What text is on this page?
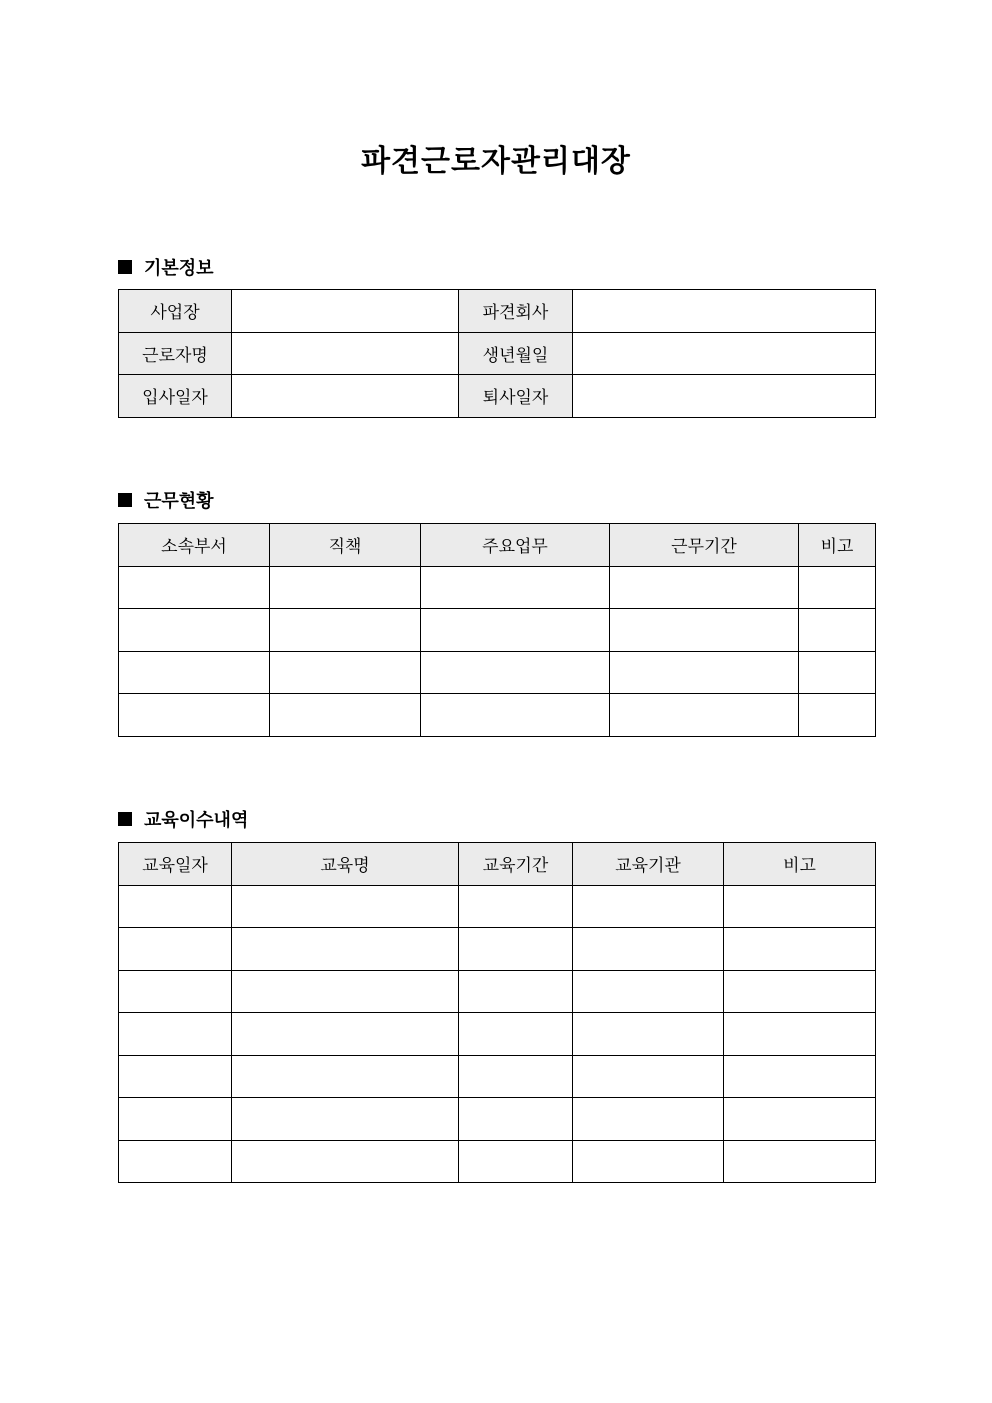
파견근로자관리대장
기본정보
사업장		파견회사	
근로자명		생년월일	
입사일자		퇴사일자	
근무현황
소속부서	직책	주요업무	근무기간	비고

교육이수내역
교육일자	교육명	교육기간	교육기관	비고
